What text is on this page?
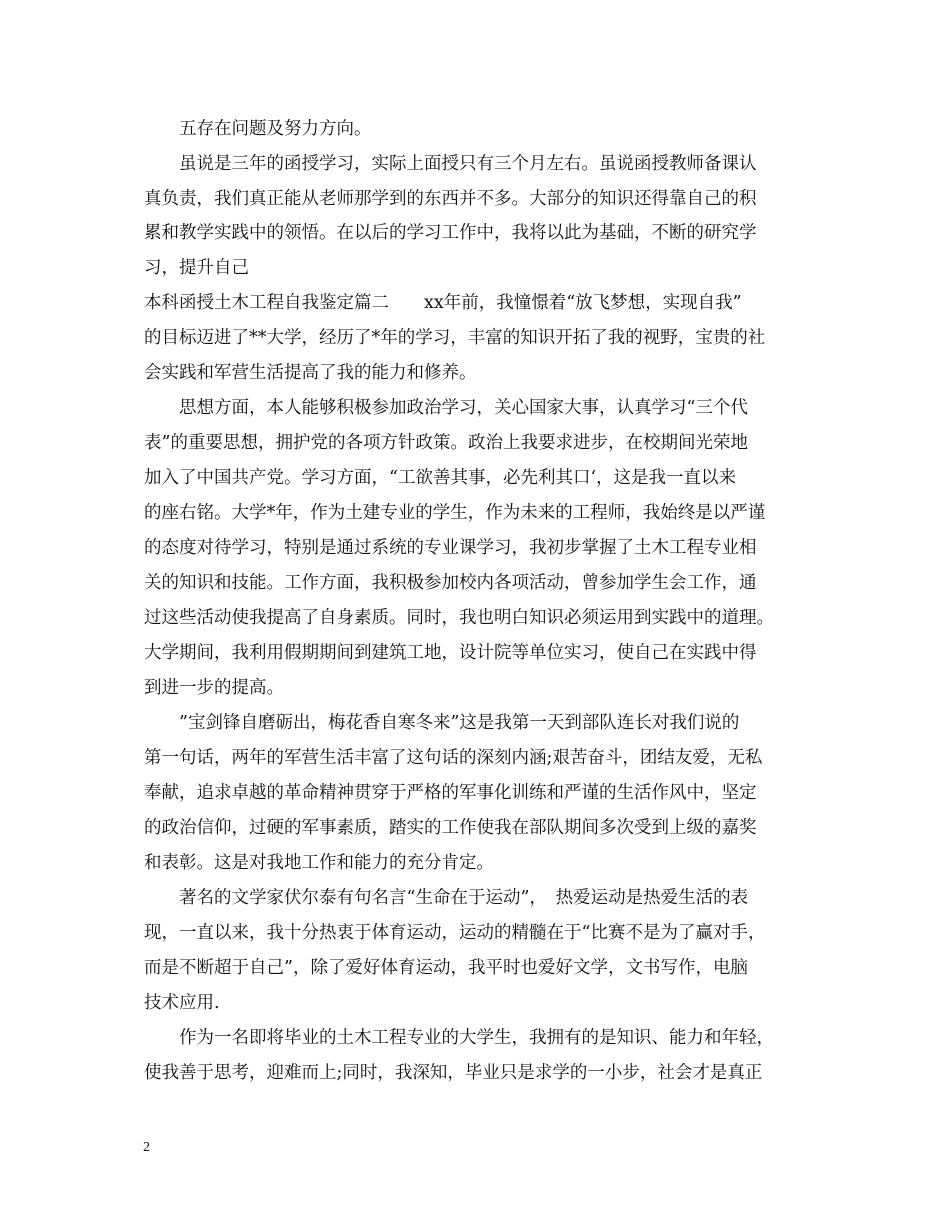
　　五存在问题及努力方向。
　　虽说是三年的函授学习，实际上面授只有三个月左右。虽说函授教师备课认
真负责，我们真正能从老师那学到的东西并不多。大部分的知识还得靠自己的积
累和教学实践中的领悟。在以后的学习工作中，我将以此为基础，不断的研究学
习，提升自己
本科函授土木工程自我鉴定篇二　　xx年前，我憧憬着“放飞梦想，实现自我”
的目标迈进了**大学，经历了*年的学习，丰富的知识开拓了我的视野，宝贵的社
会实践和军营生活提高了我的能力和修养。
　　思想方面，本人能够积极参加政治学习，关心国家大事，认真学习“三个代
表”的重要思想，拥护党的各项方针政策。政治上我要求进步，在校期间光荣地
加入了中国共产党。学习方面，“工欲善其事，必先利其口‘，这是我一直以来
的座右铭。大学*年，作为土建专业的学生，作为未来的工程师，我始终是以严谨
的态度对待学习，特别是通过系统的专业课学习，我初步掌握了土木工程专业相
关的知识和技能。工作方面，我积极参加校内各项活动，曾参加学生会工作，通
过这些活动使我提高了自身素质。同时，我也明白知识必须运用到实践中的道理。
大学期间，我利用假期期间到建筑工地，设计院等单位实习，使自己在实践中得
到进一步的提高。
　　”宝剑锋自磨砺出，梅花香自寒冬来”这是我第一天到部队连长对我们说的
第一句话，两年的军营生活丰富了这句话的深刻内涵;艰苦奋斗，团结友爱，无私
奉献，追求卓越的革命精神贯穿于严格的军事化训练和严谨的生活作风中，坚定
的政治信仰，过硬的军事素质，踏实的工作使我在部队期间多次受到上级的嘉奖
和表彰。这是对我地工作和能力的充分肯定。
　　著名的文学家伏尔泰有句名言“生命在于运动”，　热爱运动是热爱生活的表
现，一直以来，我十分热衷于体育运动，运动的精髓在于“比赛不是为了赢对手，
而是不断超于自己”，除了爱好体育运动，我平时也爱好文学，文书写作，电脑
技术应用.
　　作为一名即将毕业的土木工程专业的大学生，我拥有的是知识、能力和年轻，
使我善于思考，迎难而上;同时，我深知，毕业只是求学的一小步，社会才是真正
2
